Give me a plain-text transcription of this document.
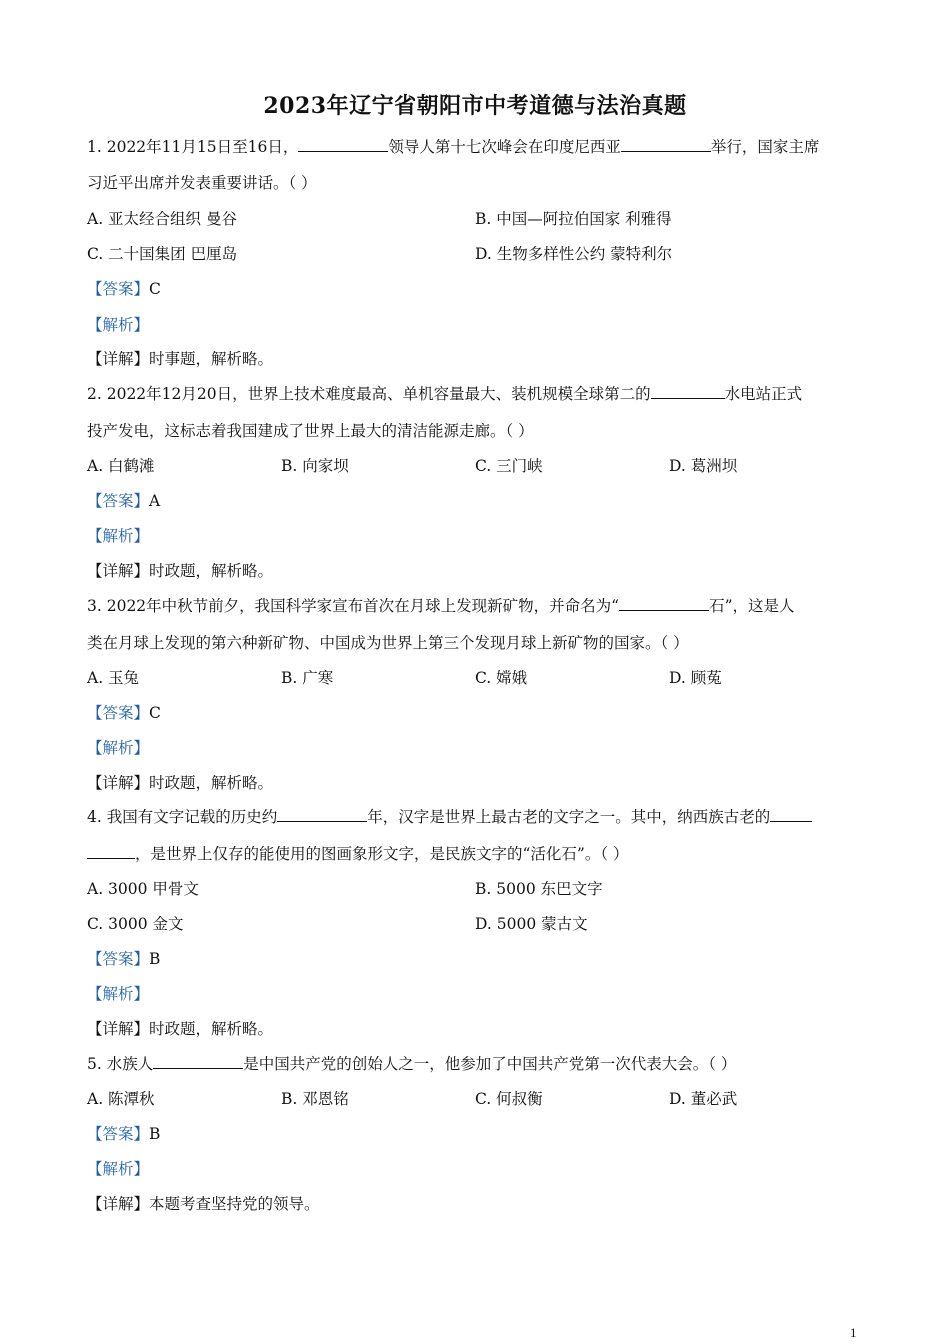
2023年辽宁省朝阳市中考道德与法治真题
1. 2022年11月15日至16日，	领导人第十七次峰会在印度尼西亚	举行，国家主席
习近平出席并发表重要讲话。（ ）
A. 亚太经合组织 曼谷	B. 中国—阿拉伯国家 利雅得
C. 二十国集团 巴厘岛	D. 生物多样性公约 蒙特利尔
【答案】C
【解析】
【详解】时事题，解析略。
2. 2022年12月20日，世界上技术难度最高、单机容量最大、装机规模全球第二的	水电站正式
投产发电，这标志着我国建成了世界上最大的清洁能源走廊。（ ）
A. 白鹤滩	B. 向家坝	C. 三门峡	D. 葛洲坝
【答案】A
【解析】
【详解】时政题，解析略。
3. 2022年中秋节前夕，我国科学家宣布首次在月球上发现新矿物，并命名为“	石”，这是人
类在月球上发现的第六种新矿物、中国成为世界上第三个发现月球上新矿物的国家。（ ）
A. 玉兔	B. 广寒	C. 嫦娥	D. 顾菟
【答案】C
【解析】
【详解】时政题，解析略。
4. 我国有文字记载的历史约	年，汉字是世界上最古老的文字之一。其中，纳西族古老的
，是世界上仅存的能使用的图画象形文字，是民族文字的“活化石”。（ ）
A. 3000 甲骨文	B. 5000 东巴文字
C. 3000 金文	D. 5000 蒙古文
【答案】B
【解析】
【详解】时政题，解析略。
5. 水族人	是中国共产党的创始人之一，他参加了中国共产党第一次代表大会。（ ）
A. 陈潭秋	B. 邓恩铭	C. 何叔衡	D. 董必武
【答案】B
【解析】
【详解】本题考查坚持党的领导。
1
